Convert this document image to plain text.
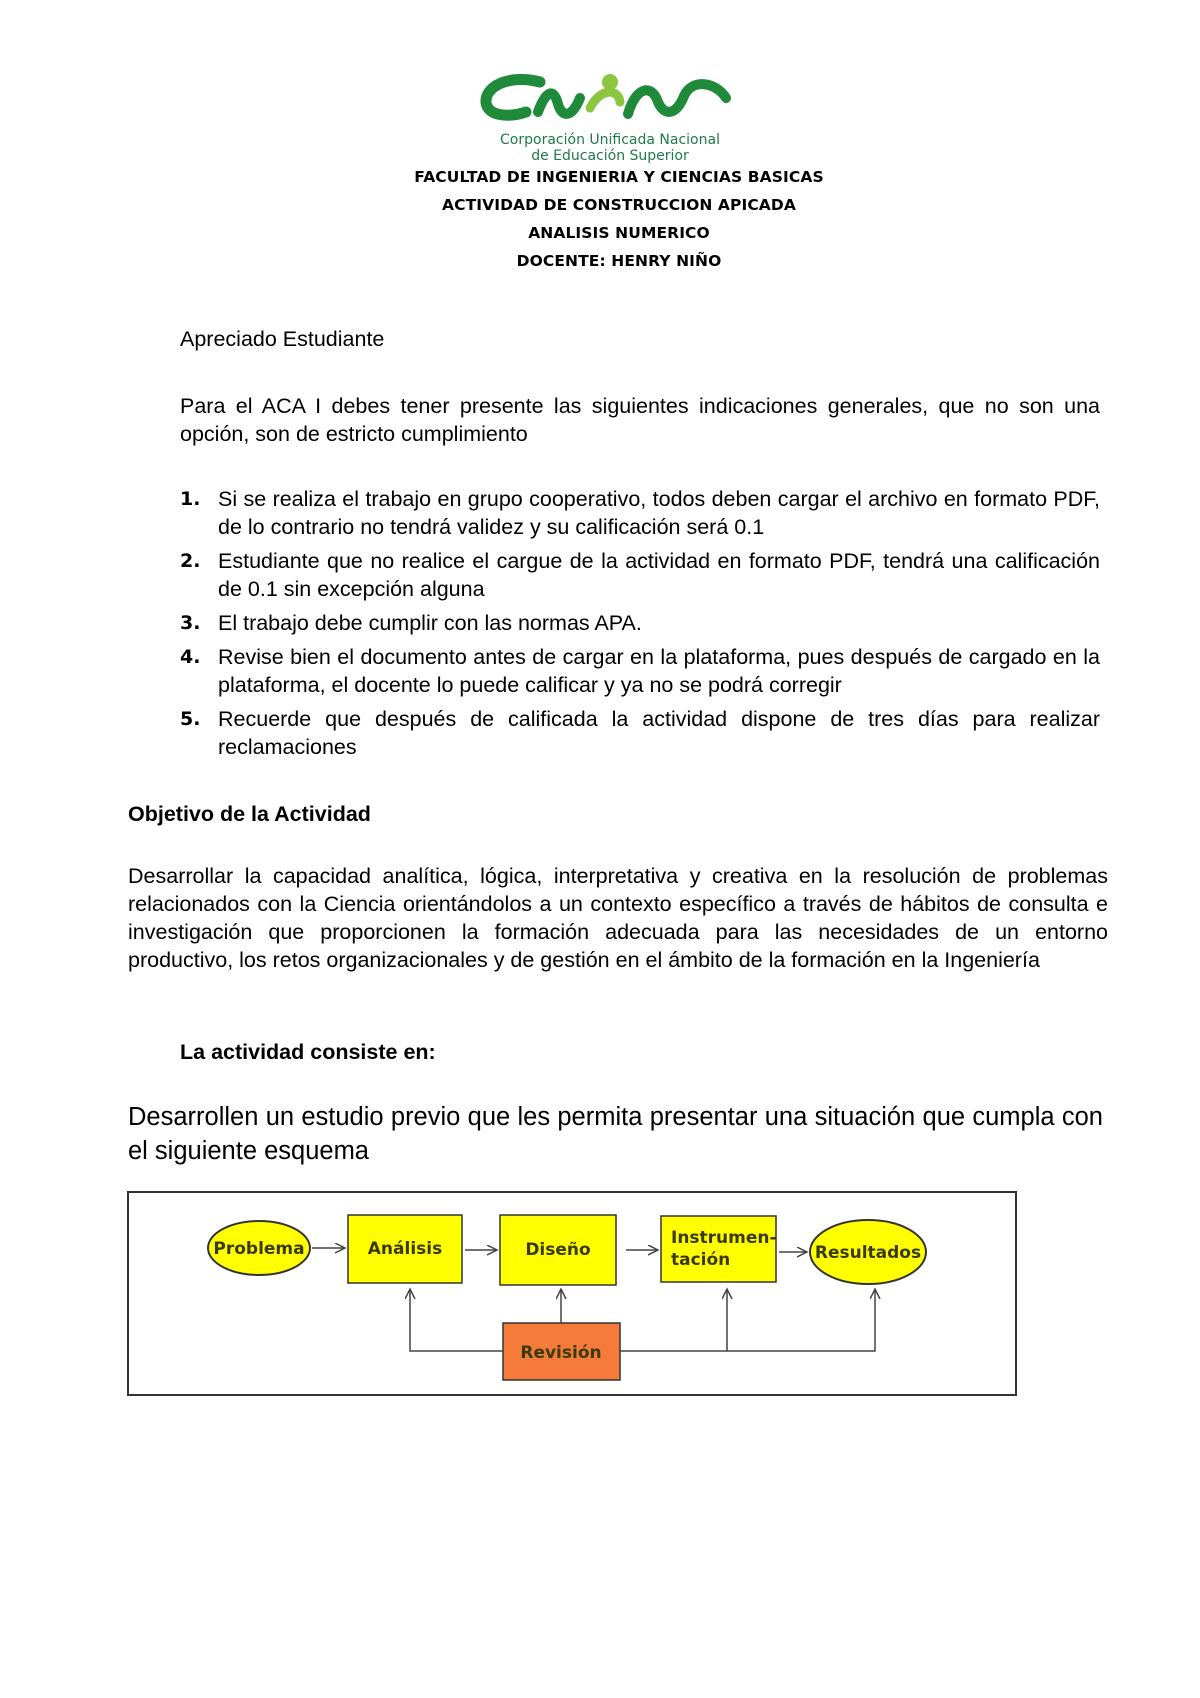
Corporación Unificada Nacional
de Educación Superior
FACULTAD DE INGENIERIA Y CIENCIAS BASICAS
ACTIVIDAD DE CONSTRUCCION APICADA
ANALISIS NUMERICO
DOCENTE: HENRY NIÑO
Apreciado Estudiante
Para el ACA I debes tener presente las siguientes indicaciones generales, que no son una opción, son de estricto cumplimiento
1. Si se realiza el trabajo en grupo cooperativo, todos deben cargar el archivo en formato PDF, de lo contrario no tendrá validez y su calificación será 0.1
2. Estudiante que no realice el cargue de la actividad en formato PDF, tendrá una calificación de 0.1 sin excepción alguna
3. El trabajo debe cumplir con las normas APA.
4. Revise bien el documento antes de cargar en la plataforma, pues después de cargado en la plataforma, el docente lo puede calificar y ya no se podrá corregir
5. Recuerde que después de calificada la actividad dispone de tres días para realizar reclamaciones
Objetivo de la Actividad
Desarrollar la capacidad analítica, lógica, interpretativa y creativa en la resolución de problemas relacionados con la Ciencia orientándolos a un contexto específico a través de hábitos de consulta e investigación que proporcionen la formación adecuada para las necesidades de un entorno productivo, los retos organizacionales y de gestión en el ámbito de la formación en la Ingeniería
La actividad consiste en:
Desarrollen un estudio previo que les permita presentar una situación que cumpla con el siguiente esquema
Problema	Análisis	Diseño
Instrumen-
tación	Resultados
Revisión
